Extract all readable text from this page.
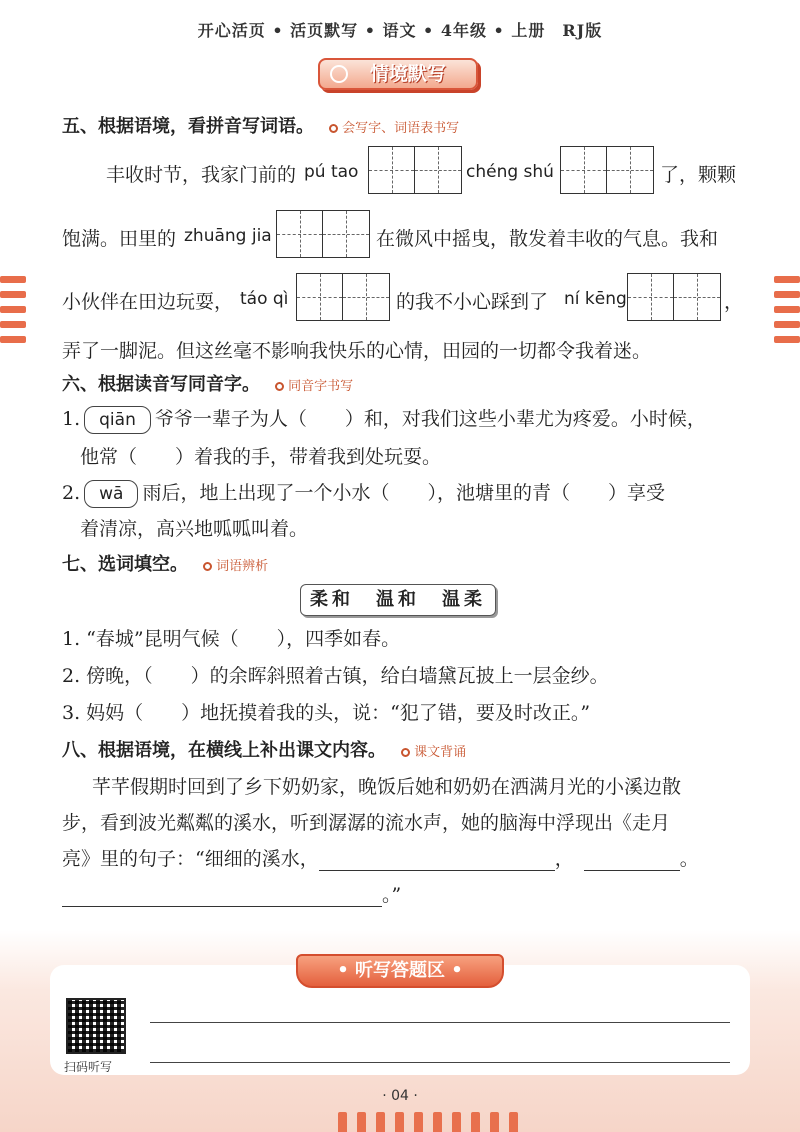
开心活页 • 活页默写 • 语文 • 4年级 • 上册　RJ版
情境默写
五、根据语境，看拼音写词语。 会写字、词语表书写
丰收时节，我家门前的 pú tao	chéng shú	了，颗颗
饱满。田里的 zhuāng jia	在微风中摇曳，散发着丰收的气息。我和
小伙伴在田边玩耍， táo qì	的我不小心踩到了 ní kēng	，
弄了一脚泥。但这丝毫不影响我快乐的心情，田园的一切都令我着迷。
六、根据读音写同音字。 同音字书写
1. qiān 爷爷一辈子为人（　　）和，对我们这些小辈尤为疼爱。小时候，
他常（　　）着我的手，带着我到处玩耍。
2. wā 雨后，地上出现了一个小水（　　），池塘里的青（　　）享受
着清凉，高兴地呱呱叫着。
七、选词填空。 词语辨析
柔和　温和　温柔
1. “春城”昆明气候（　　），四季如春。
2. 傍晚，（　　）的余晖斜照着古镇，给白墙黛瓦披上一层金纱。
3. 妈妈（　　）地抚摸着我的头，说：“犯了错，要及时改正。”
八、根据语境，在横线上补出课文内容。 课文背诵
芊芊假期时回到了乡下奶奶家，晚饭后她和奶奶在洒满月光的小溪边散
步，看到波光粼粼的溪水，听到潺潺的流水声，她的脑海中浮现出《走月
亮》里的句子：“细细的溪水，	，	。
。”
• 听写答题区 •
扫码听写
· 04 ·
